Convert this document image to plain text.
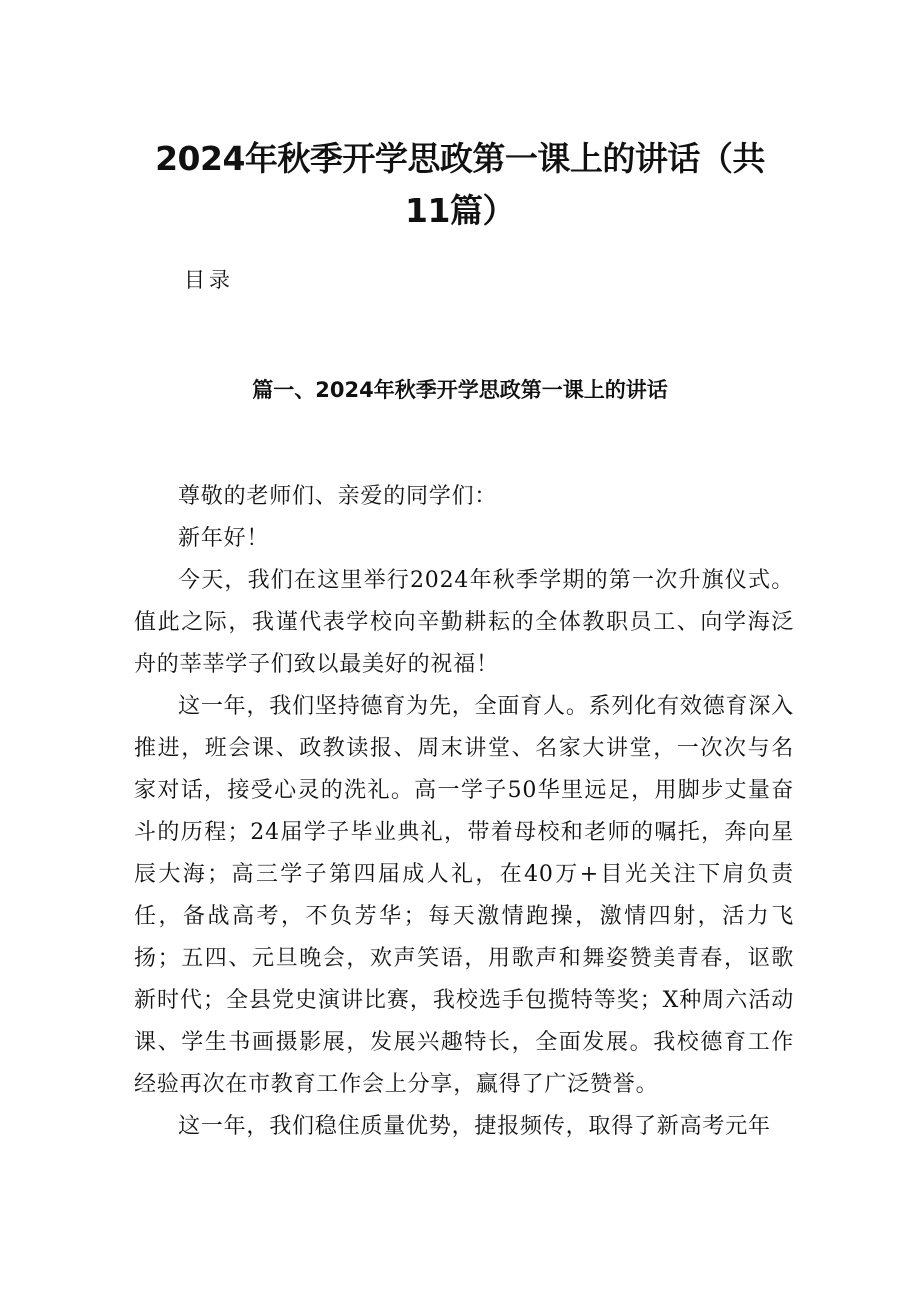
2024年秋季开学思政第一课上的讲话（共
11篇）

目录

篇一、2024年秋季开学思政第一课上的讲话

尊敬的老师们、亲爱的同学们：

新年好！

今天，我们在这里举行2024年秋季学期的第一次升旗仪式。值此之际，我谨代表学校向辛勤耕耘的全体教职员工、向学海泛舟的莘莘学子们致以最美好的祝福！

这一年，我们坚持德育为先，全面育人。系列化有效德育深入推进，班会课、政教读报、周末讲堂、名家大讲堂，一次次与名家对话，接受心灵的洗礼。高一学子50华里远足，用脚步丈量奋斗的历程；24届学子毕业典礼，带着母校和老师的嘱托，奔向星辰大海；高三学子第四届成人礼，在40万+目光关注下肩负责任，备战高考，不负芳华；每天激情跑操，激情四射，活力飞扬；五四、元旦晚会，欢声笑语，用歌声和舞姿赞美青春，讴歌新时代；全县党史演讲比赛，我校选手包揽特等奖；X种周六活动课、学生书画摄影展，发展兴趣特长，全面发展。我校德育工作经验再次在市教育工作会上分享，赢得了广泛赞誉。

这一年，我们稳住质量优势，捷报频传，取得了新高考元年
